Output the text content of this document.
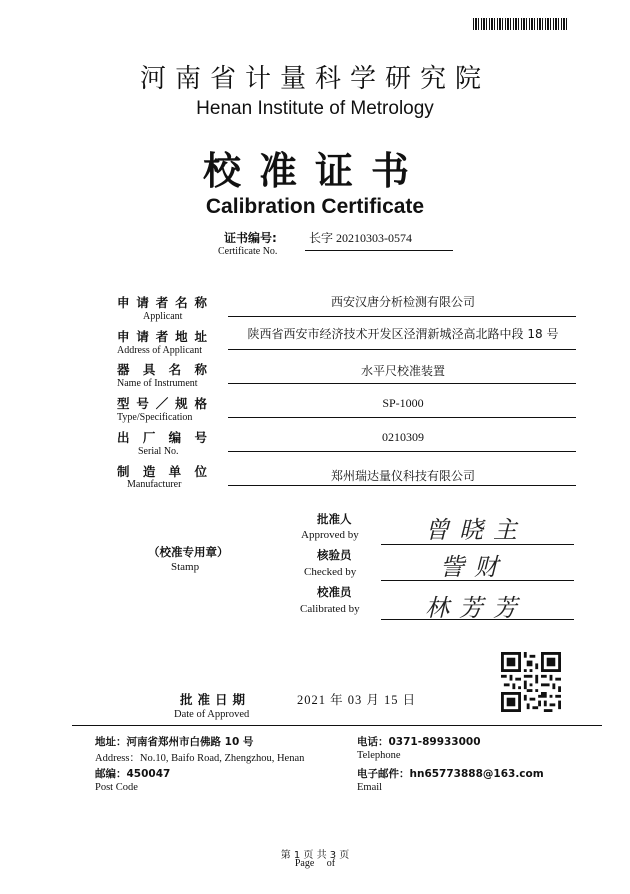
河南省计量科学研究院
Henan Institute of Metrology
校准证书
Calibration Certificate
证书编号:
Certificate No.
长字 20210303-0574
申请者名称
Applicant
西安汉唐分析检测有限公司
申请者地址
Address of Applicant
陕西省西安市经济技术开发区泾渭新城泾高北路中段 18 号
器具名称
Name of Instrument
水平尺校准装置
型号／规格
Type/Specification
SP-1000
出厂编号
Serial No.
0210309
制造单位
Manufacturer
郑州瑞达量仪科技有限公司
（校准专用章）
Stamp
批准人
Approved by	曾晓主
核验员
Checked by	訾财
校准员
Calibrated by	林芳芳
批准日期
Date of Approved
2021 年 03 月 15 日
地址：河南省郑州市白佛路 10 号
Address：No.10, Baifo Road, Zhengzhou, Henan
邮编：450047
Post Code
电话：0371-89933000
Telephone
电子邮件：hn65773888@163.com
Email
第 1 页 共 3 页
Page     of
